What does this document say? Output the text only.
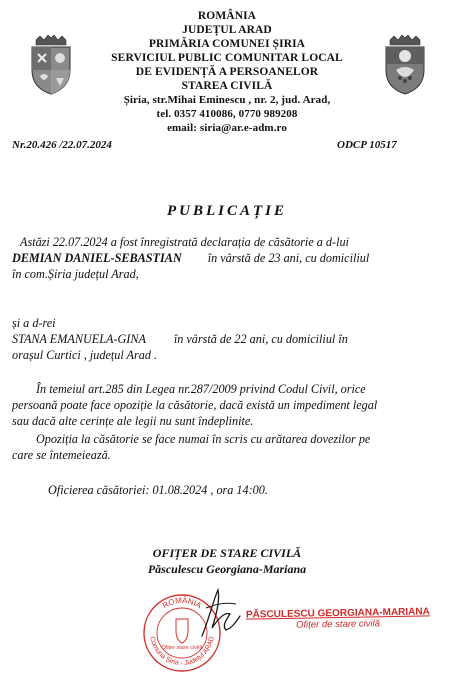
ROMÂNIA
JUDEȚUL ARAD
PRIMĂRIA COMUNEI ȘIRIA
SERVICIUL PUBLIC COMUNITAR LOCAL
DE EVIDENȚĂ A PERSOANELOR
STAREA CIVILĂ
Șiria, str.Mihai Eminescu , nr. 2, jud. Arad,
tel. 0357 410086, 0770 989208
email: siria@ar.e-adm.ro
Nr.20.426 /22.07.2024	ODCP 10517
PUBLICAȚIE
Astăzi 22.07.2024 a fost înregistrată declarația de căsătorie a d-lui
DEMIAN DANIEL-SEBASTIAN în vârstă de 23 ani, cu domiciliul
în com.Șiria județul Arad,
și a d-rei
STANA EMANUELA-GINA în vârstă de 22 ani, cu domiciliul în
orașul Curtici , județul Arad .
În temeiul art.285 din Legea nr.287/2009 privind Codul Civil, orice
persoană poate face opoziție la căsătorie, dacă există un impediment legal
sau dacă alte cerințe ale legii nu sunt îndeplinite.
Opoziția la căsătorie se face numai în scris cu arătarea dovezilor pe
care se întemeiează.
Oficierea căsătoriei: 01.08.2024 , ora 14:00.
OFIȚER DE STARE CIVILĂ
Păsculescu Georgiana-Mariana
ROMÂNIA
Comuna Șiria - Județul ARAD
Ofițer stare civilă
PĂSCULESCU GEORGIANA-MARIANA
Ofițer de stare civilă
